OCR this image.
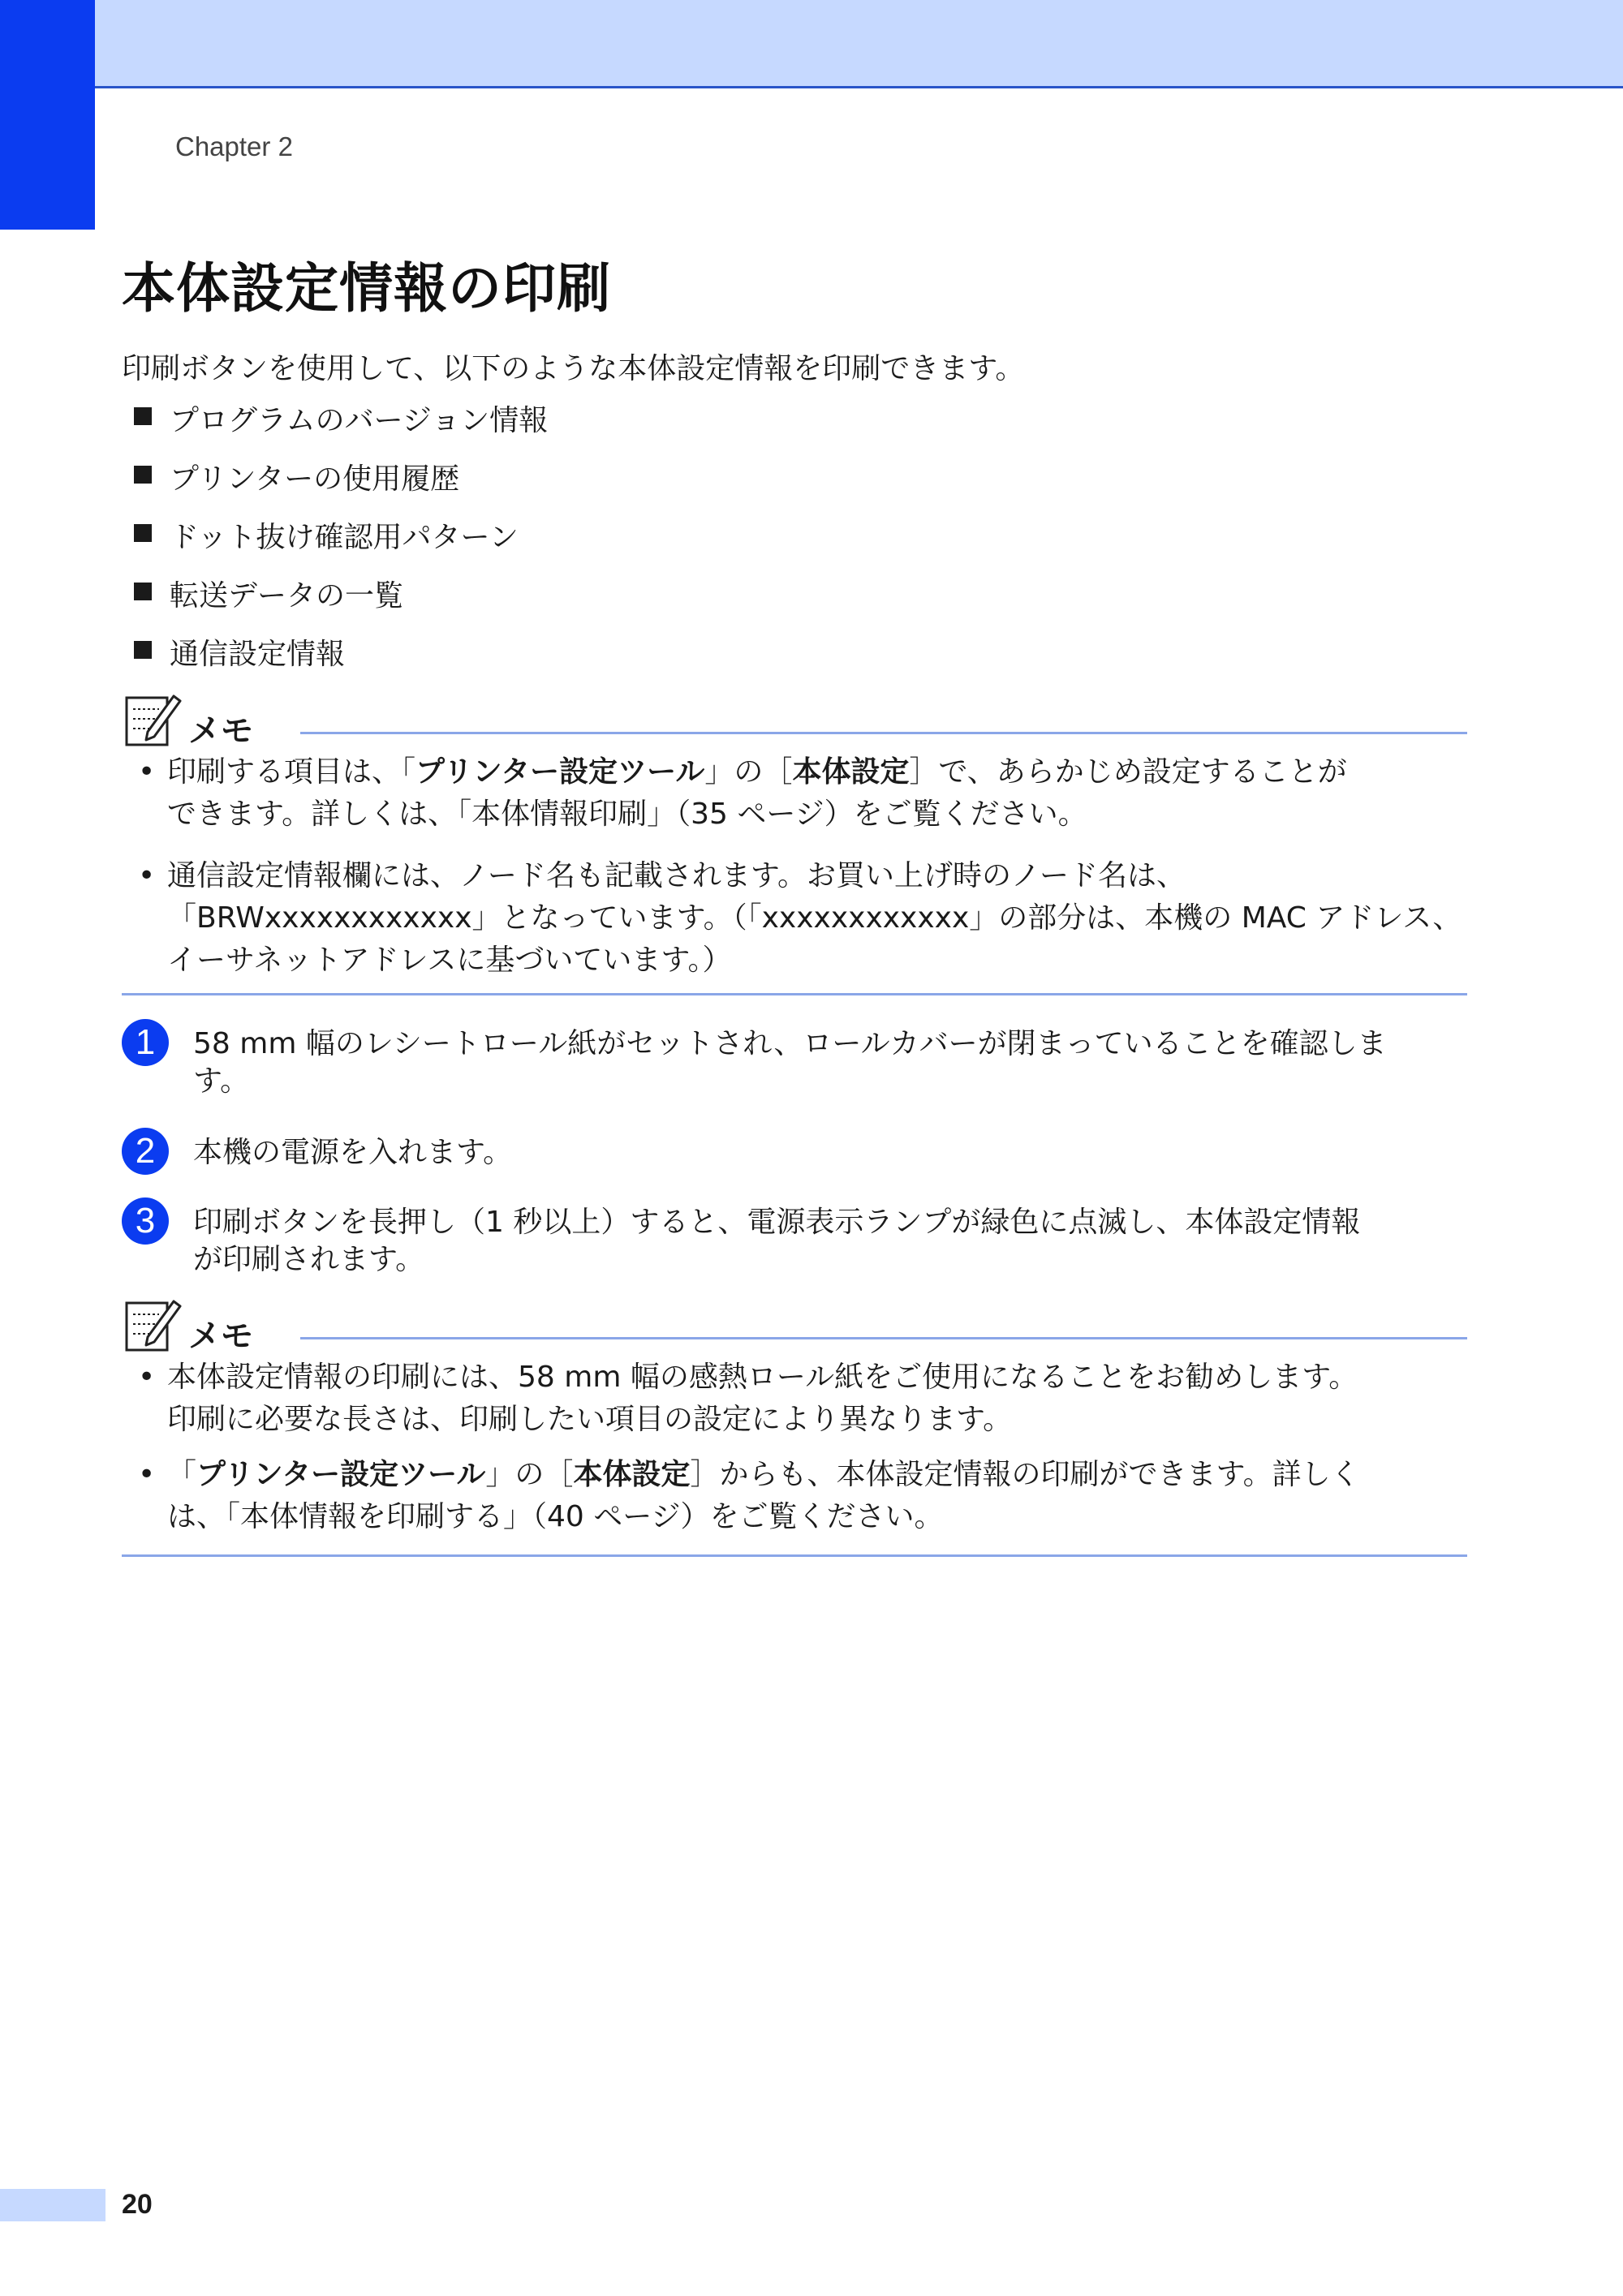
Chapter 2
本体設定情報の印刷
印刷ボタンを使用して、以下のような本体設定情報を印刷できます。
プログラムのバージョン情報
プリンターの使用履歴
ドット抜け確認用パターン
転送データの一覧
通信設定情報
メモ
• 印刷する項目は、「プリンター設定ツール」の［本体設定］で、あらかじめ設定することが
できます。詳しくは、「本体情報印刷」（35 ページ）をご覧ください。
• 通信設定情報欄には、ノード名も記載されます。お買い上げ時のノード名は、
「BRWxxxxxxxxxxxx」となっています。（「xxxxxxxxxxxx」の部分は、本機の MAC アドレス、
イーサネットアドレスに基づいています。）
1	58 mm 幅のレシートロール紙がセットされ、ロールカバーが閉まっていることを確認しま
す。
2	本機の電源を入れます。
3	印刷ボタンを長押し（1 秒以上）すると、電源表示ランプが緑色に点滅し、本体設定情報
が印刷されます。
メモ
• 本体設定情報の印刷には、58 mm 幅の感熱ロール紙をご使用になることをお勧めします。
印刷に必要な長さは、印刷したい項目の設定により異なります。
• 「プリンター設定ツール」の［本体設定］からも、本体設定情報の印刷ができます。詳しく
は、「本体情報を印刷する」（40 ページ）をご覧ください。
20
